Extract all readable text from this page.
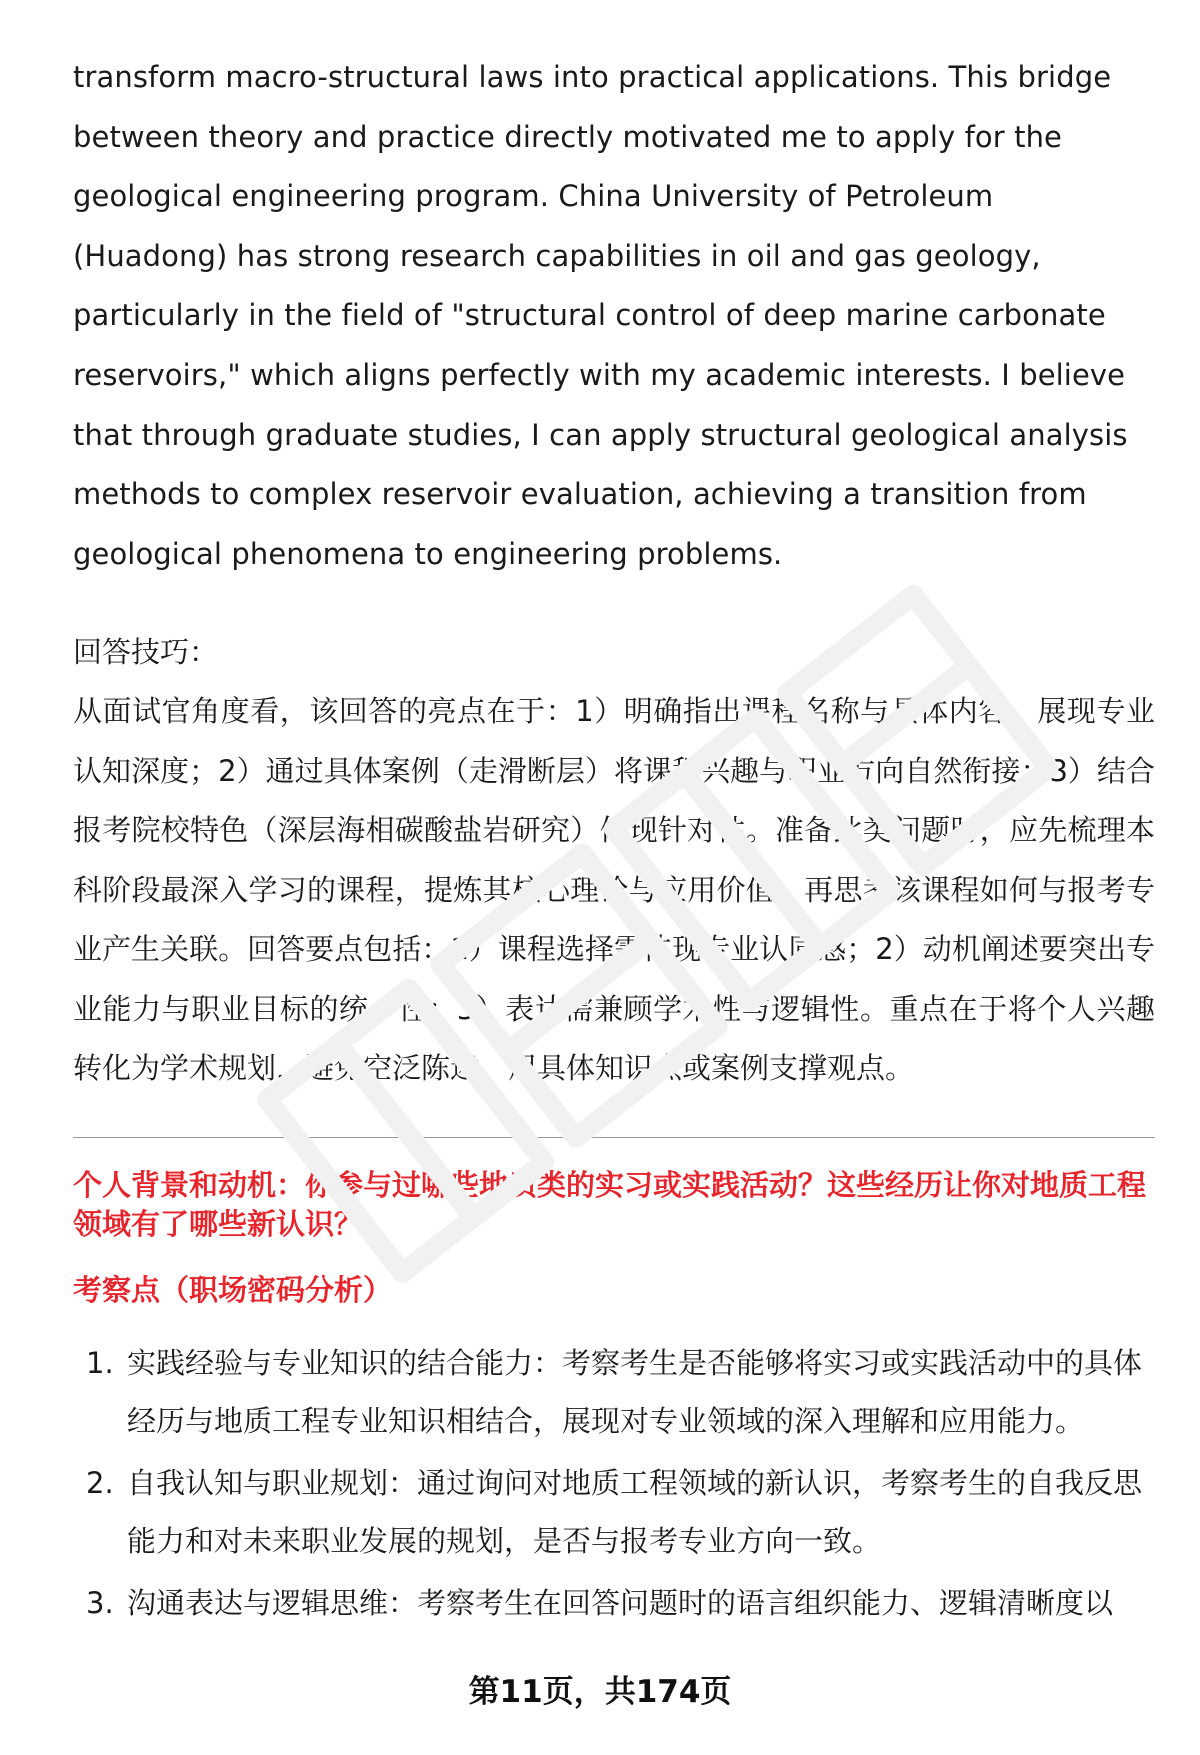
transform macro-structural laws into practical applications. This bridge between theory and practice directly motivated me to apply for the geological engineering program. China University of Petroleum (Huadong) has strong research capabilities in oil and gas geology, particularly in the field of "structural control of deep marine carbonate reservoirs," which aligns perfectly with my academic interests. I believe that through graduate studies, I can apply structural geological analysis methods to complex reservoir evaluation, achieving a transition from geological phenomena to engineering problems.

回答技巧：

从面试官角度看，该回答的亮点在于：1）明确指出课程名称与具体内容，展现专业认知深度；2）通过具体案例（走滑断层）将课程兴趣与职业方向自然衔接；3）结合报考院校特色（深层海相碳酸盐岩研究）体现针对性。准备此类问题时，应先梳理本科阶段最深入学习的课程，提炼其核心理论与应用价值，再思考该课程如何与报考专业产生关联。回答要点包括：1）课程选择需体现专业认同感；2）动机阐述要突出专业能力与职业目标的统一性；3）表达需兼顾学术性与逻辑性。重点在于将个人兴趣转化为学术规划，避免空泛陈述，用具体知识点或案例支撑观点。

个人背景和动机：你参与过哪些地质类的实习或实践活动？这些经历让你对地质工程领域有了哪些新认识？

考察点（职场密码分析）

1. 实践经验与专业知识的结合能力：考察考生是否能够将实习或实践活动中的具体经历与地质工程专业知识相结合，展现对专业领域的深入理解和应用能力。
2. 自我认知与职业规划：通过询问对地质工程领域的新认识，考察考生的自我反思能力和对未来职业发展的规划，是否与报考专业方向一致。
3. 沟通表达与逻辑思维：考察考生在回答问题时的语言组织能力、逻辑清晰度以
第11页，共174页
